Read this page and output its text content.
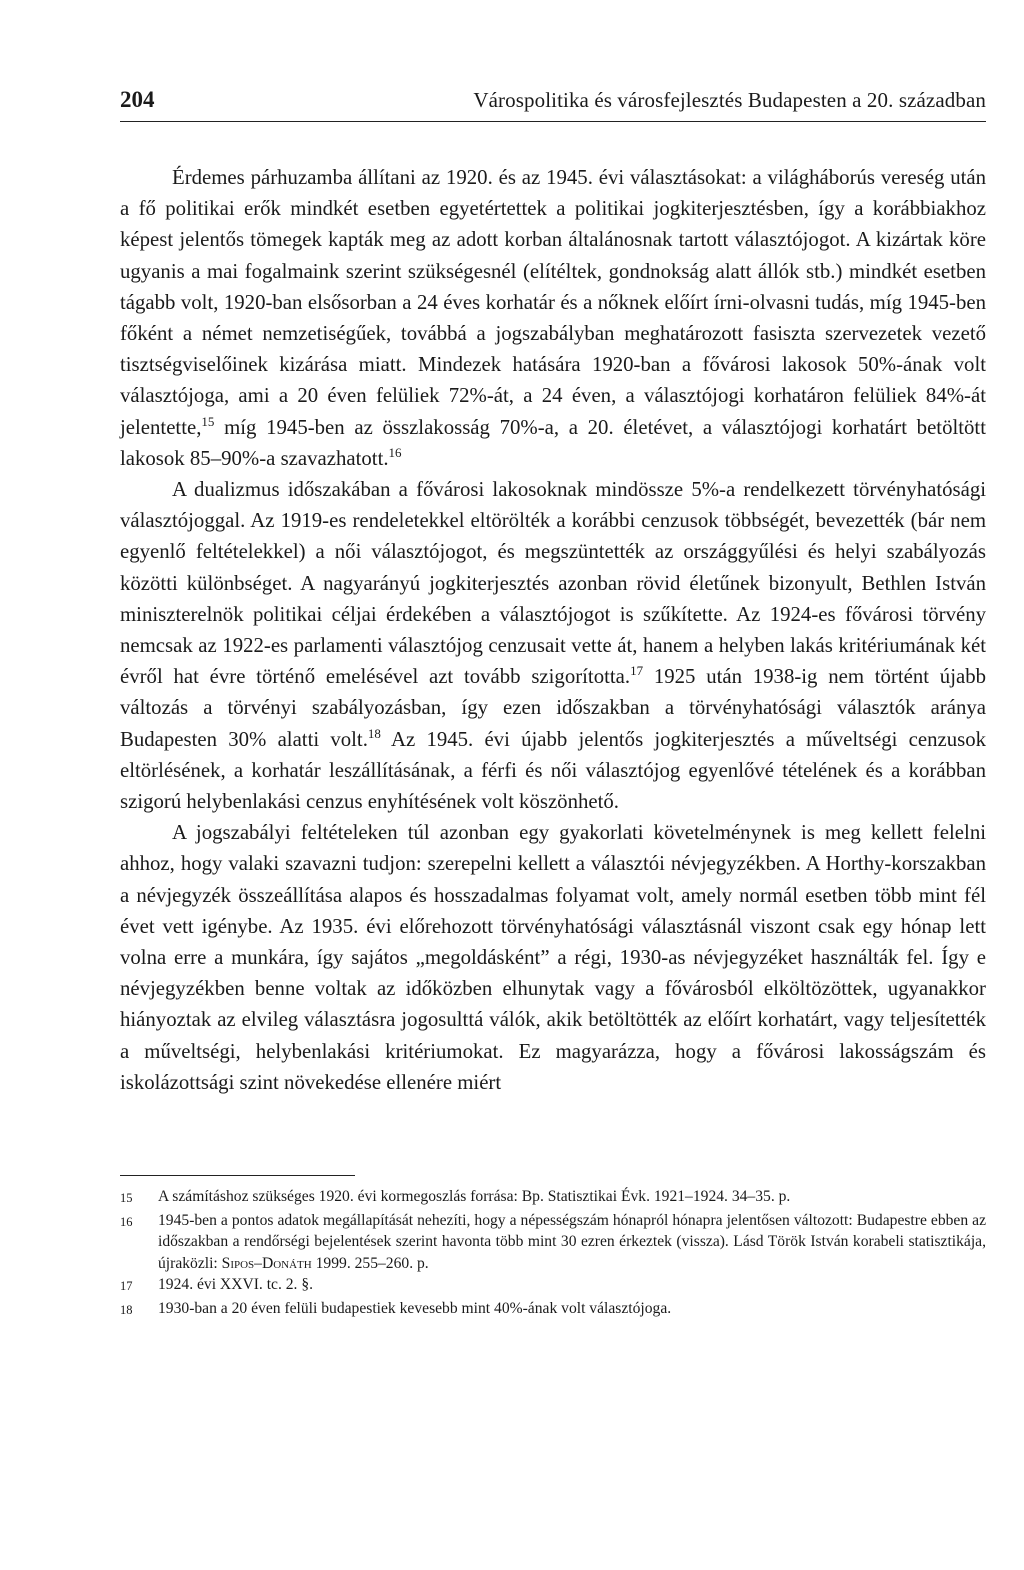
204	Várospolitika és városfejlesztés Budapesten a 20. században

Érdemes párhuzamba állítani az 1920. és az 1945. évi választásokat: a világháborús vereség után a fő politikai erők mindkét esetben egyetértettek a politikai jogkiterjesztésben, így a korábbiakhoz képest jelentős tömegek kapták meg az adott korban általánosnak tartott választójogot. A kizártak köre ugyanis a mai fogalmaink szerint szükségesnél (elítéltek, gondnokság alatt állók stb.) mindkét esetben tágabb volt, 1920-ban elsősorban a 24 éves korhatár és a nőknek előírt írni-olvasni tudás, míg 1945-ben főként a német nemzetiségűek, továbbá a jogszabályban meghatározott fasiszta szervezetek vezető tisztségviselőinek kizárása miatt. Mindezek hatására 1920-ban a fővárosi lakosok 50%-ának volt választójoga, ami a 20 éven felüliek 72%-át, a 24 éven, a választójogi korhatáron felüliek 84%-át jelentette,$^{15}$ míg 1945-ben az összlakosság 70%-a, a 20. életévet, a választójogi korhatárt betöltött lakosok 85–90%-a szavazhatott.$^{16}$

A dualizmus időszakában a fővárosi lakosoknak mindössze 5%-a rendelkezett törvényhatósági választójoggal. Az 1919-es rendeletekkel eltörölték a korábbi cenzusok többségét, bevezették (bár nem egyenlő feltételekkel) a női választójogot, és megszüntették az országgyűlési és helyi szabályozás közötti különbséget. A nagyarányú jogkiterjesztés azonban rövid életűnek bizonyult, Bethlen István miniszterelnök politikai céljai érdekében a választójogot is szűkítette. Az 1924-es fővárosi törvény nemcsak az 1922-es parlamenti választójog cenzusait vette át, hanem a helyben lakás kritériumának két évről hat évre történő emelésével azt tovább szigorította.$^{17}$ 1925 után 1938-ig nem történt újabb változás a törvényi szabályozásban, így ezen időszakban a törvényhatósági választók aránya Budapesten 30% alatti volt.$^{18}$ Az 1945. évi újabb jelentős jogkiterjesztés a műveltségi cenzusok eltörlésének, a korhatár leszállításának, a férfi és női választójog egyenlővé tételének és a korábban szigorú helybenlakási cenzus enyhítésének volt köszönhető.

A jogszabályi feltételeken túl azonban egy gyakorlati követelménynek is meg kellett felelni ahhoz, hogy valaki szavazni tudjon: szerepelni kellett a választói névjegyzékben. A Horthy-korszakban a névjegyzék összeállítása alapos és hosszadalmas folyamat volt, amely normál esetben több mint fél évet vett igénybe. Az 1935. évi előrehozott törvényhatósági választásnál viszont csak egy hónap lett volna erre a munkára, így sajátos „megoldásként” a régi, 1930-as névjegyzéket használták fel. Így e névjegyzékben benne voltak az időközben elhunytak vagy a fővárosból elköltözöttek, ugyanakkor hiányoztak az elvileg választásra jogosulttá válók, akik betöltötték az előírt korhatárt, vagy teljesítették a műveltségi, helybenlakási kritériumokat. Ez magyarázza, hogy a fővárosi lakosságszám és iskolázottsági szint növekedése ellenére miért

15	A számításhoz szükséges 1920. évi kormegoszlás forrása: Bp. Statisztikai Évk. 1921–1924. 34–35. p.
16	1945-ben a pontos adatok megállapítását nehezíti, hogy a népességszám hónapról hónapra jelentősen változott: Budapestre ebben az időszakban a rendőrségi bejelentések szerint havonta több mint 30 ezren érkeztek (vissza). Lásd Török István korabeli statisztikája, újraközli: Sipos–Donáth 1999. 255–260. p.
17	1924. évi XXVI. tc. 2. §.
18	1930-ban a 20 éven felüli budapestiek kevesebb mint 40%-ának volt választójoga.
